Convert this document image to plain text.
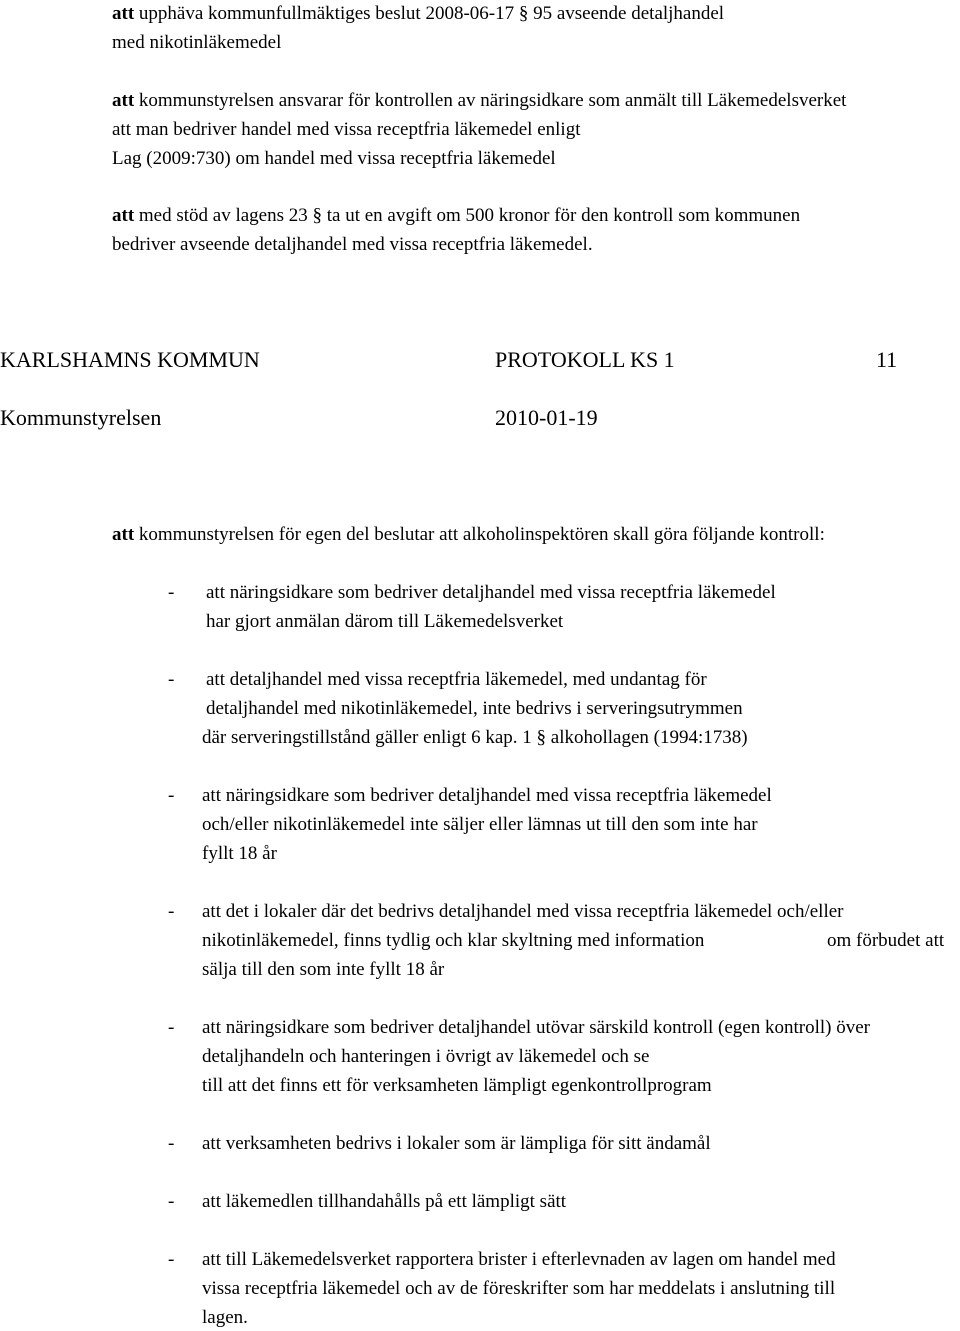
att upphäva kommunfullmäktiges beslut 2008-06-17 § 95 avseende detaljhandel
med nikotinläkemedel
att kommunstyrelsen ansvarar för kontrollen av näringsidkare som anmält till Läkemedelsverket
att man bedriver handel med vissa receptfria läkemedel enligt
Lag (2009:730) om handel med vissa receptfria läkemedel
att med stöd av lagens 23 § ta ut en avgift om 500 kronor för den kontroll som kommunen
bedriver avseende detaljhandel med vissa receptfria läkemedel.
KARLSHAMNS KOMMUN	PROTOKOLL KS 1	11
Kommunstyrelsen	2010-01-19
att kommunstyrelsen för egen del beslutar att alkoholinspektören skall göra följande kontroll:
- att näringsidkare som bedriver detaljhandel med vissa receptfria läkemedel
har gjort anmälan därom till Läkemedelsverket
- att detaljhandel med vissa receptfria läkemedel, med undantag för
detaljhandel med nikotinläkemedel, inte bedrivs i serveringsutrymmen
där serveringstillstånd gäller enligt 6 kap. 1 § alkohollagen (1994:1738)
- att näringsidkare som bedriver detaljhandel med vissa receptfria läkemedel
och/eller nikotinläkemedel inte säljer eller lämnas ut till den som inte har
fyllt 18 år
- att det i lokaler där det bedrivs detaljhandel med vissa receptfria läkemedel och/eller
nikotinläkemedel, finns tydlig och klar skyltning med information	om förbudet att
sälja till den som inte fyllt 18 år
- att näringsidkare som bedriver detaljhandel utövar särskild kontroll (egen kontroll) över
detaljhandeln och hanteringen i övrigt av läkemedel och se
till att det finns ett för verksamheten lämpligt egenkontrollprogram
- att verksamheten bedrivs i lokaler som är lämpliga för sitt ändamål
- att läkemedlen tillhandahålls på ett lämpligt sätt
- att till Läkemedelsverket rapportera brister i efterlevnaden av lagen om handel med
vissa receptfria läkemedel och av de föreskrifter som har meddelats i anslutning till
lagen.
